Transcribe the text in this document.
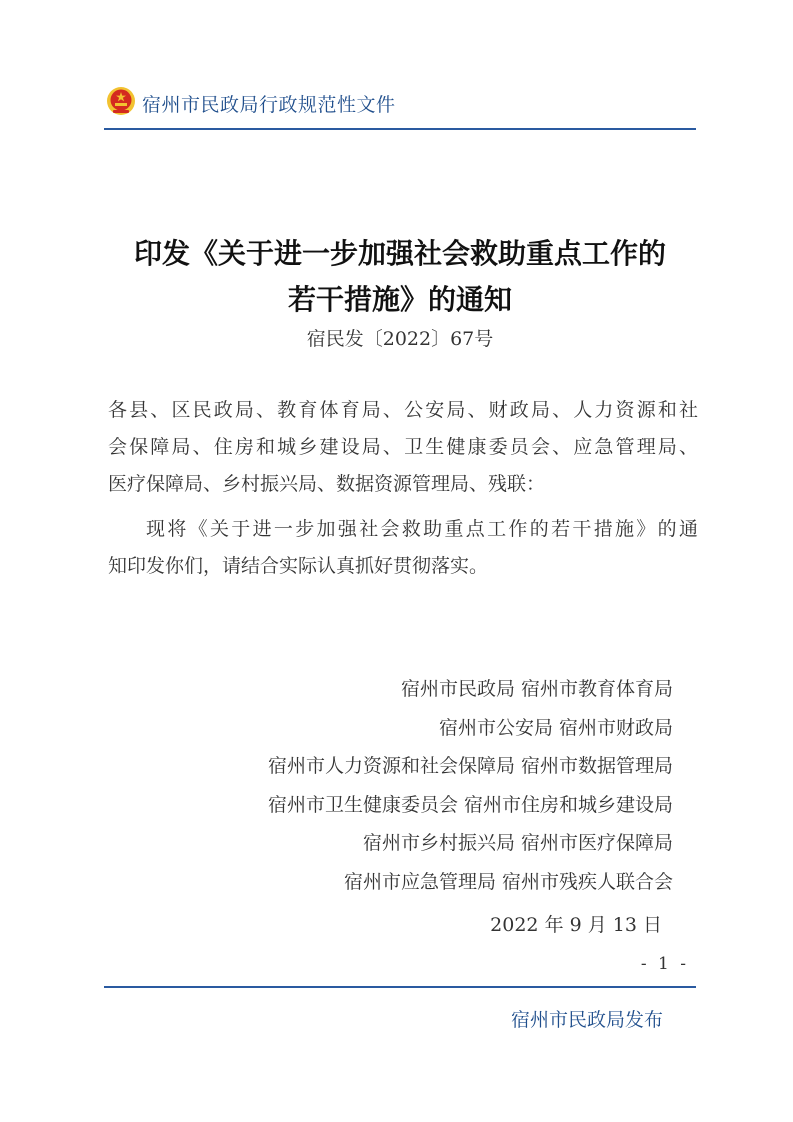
宿州市民政局行政规范性文件
印发《关于进一步加强社会救助重点工作的
若干措施》的通知
宿民发〔2022〕67号
各县、区民政局、教育体育局、公安局、财政局、人力资源和社
会保障局、住房和城乡建设局、卫生健康委员会、应急管理局、
医疗保障局、乡村振兴局、数据资源管理局、残联：
现将《关于进一步加强社会救助重点工作的若干措施》的通
知印发你们，请结合实际认真抓好贯彻落实。
宿州市民政局 宿州市教育体育局
宿州市公安局 宿州市财政局
宿州市人力资源和社会保障局 宿州市数据管理局
宿州市卫生健康委员会 宿州市住房和城乡建设局
宿州市乡村振兴局 宿州市医疗保障局
宿州市应急管理局 宿州市残疾人联合会
2022 年 9 月 13 日
- 1 -
宿州市民政局发布
